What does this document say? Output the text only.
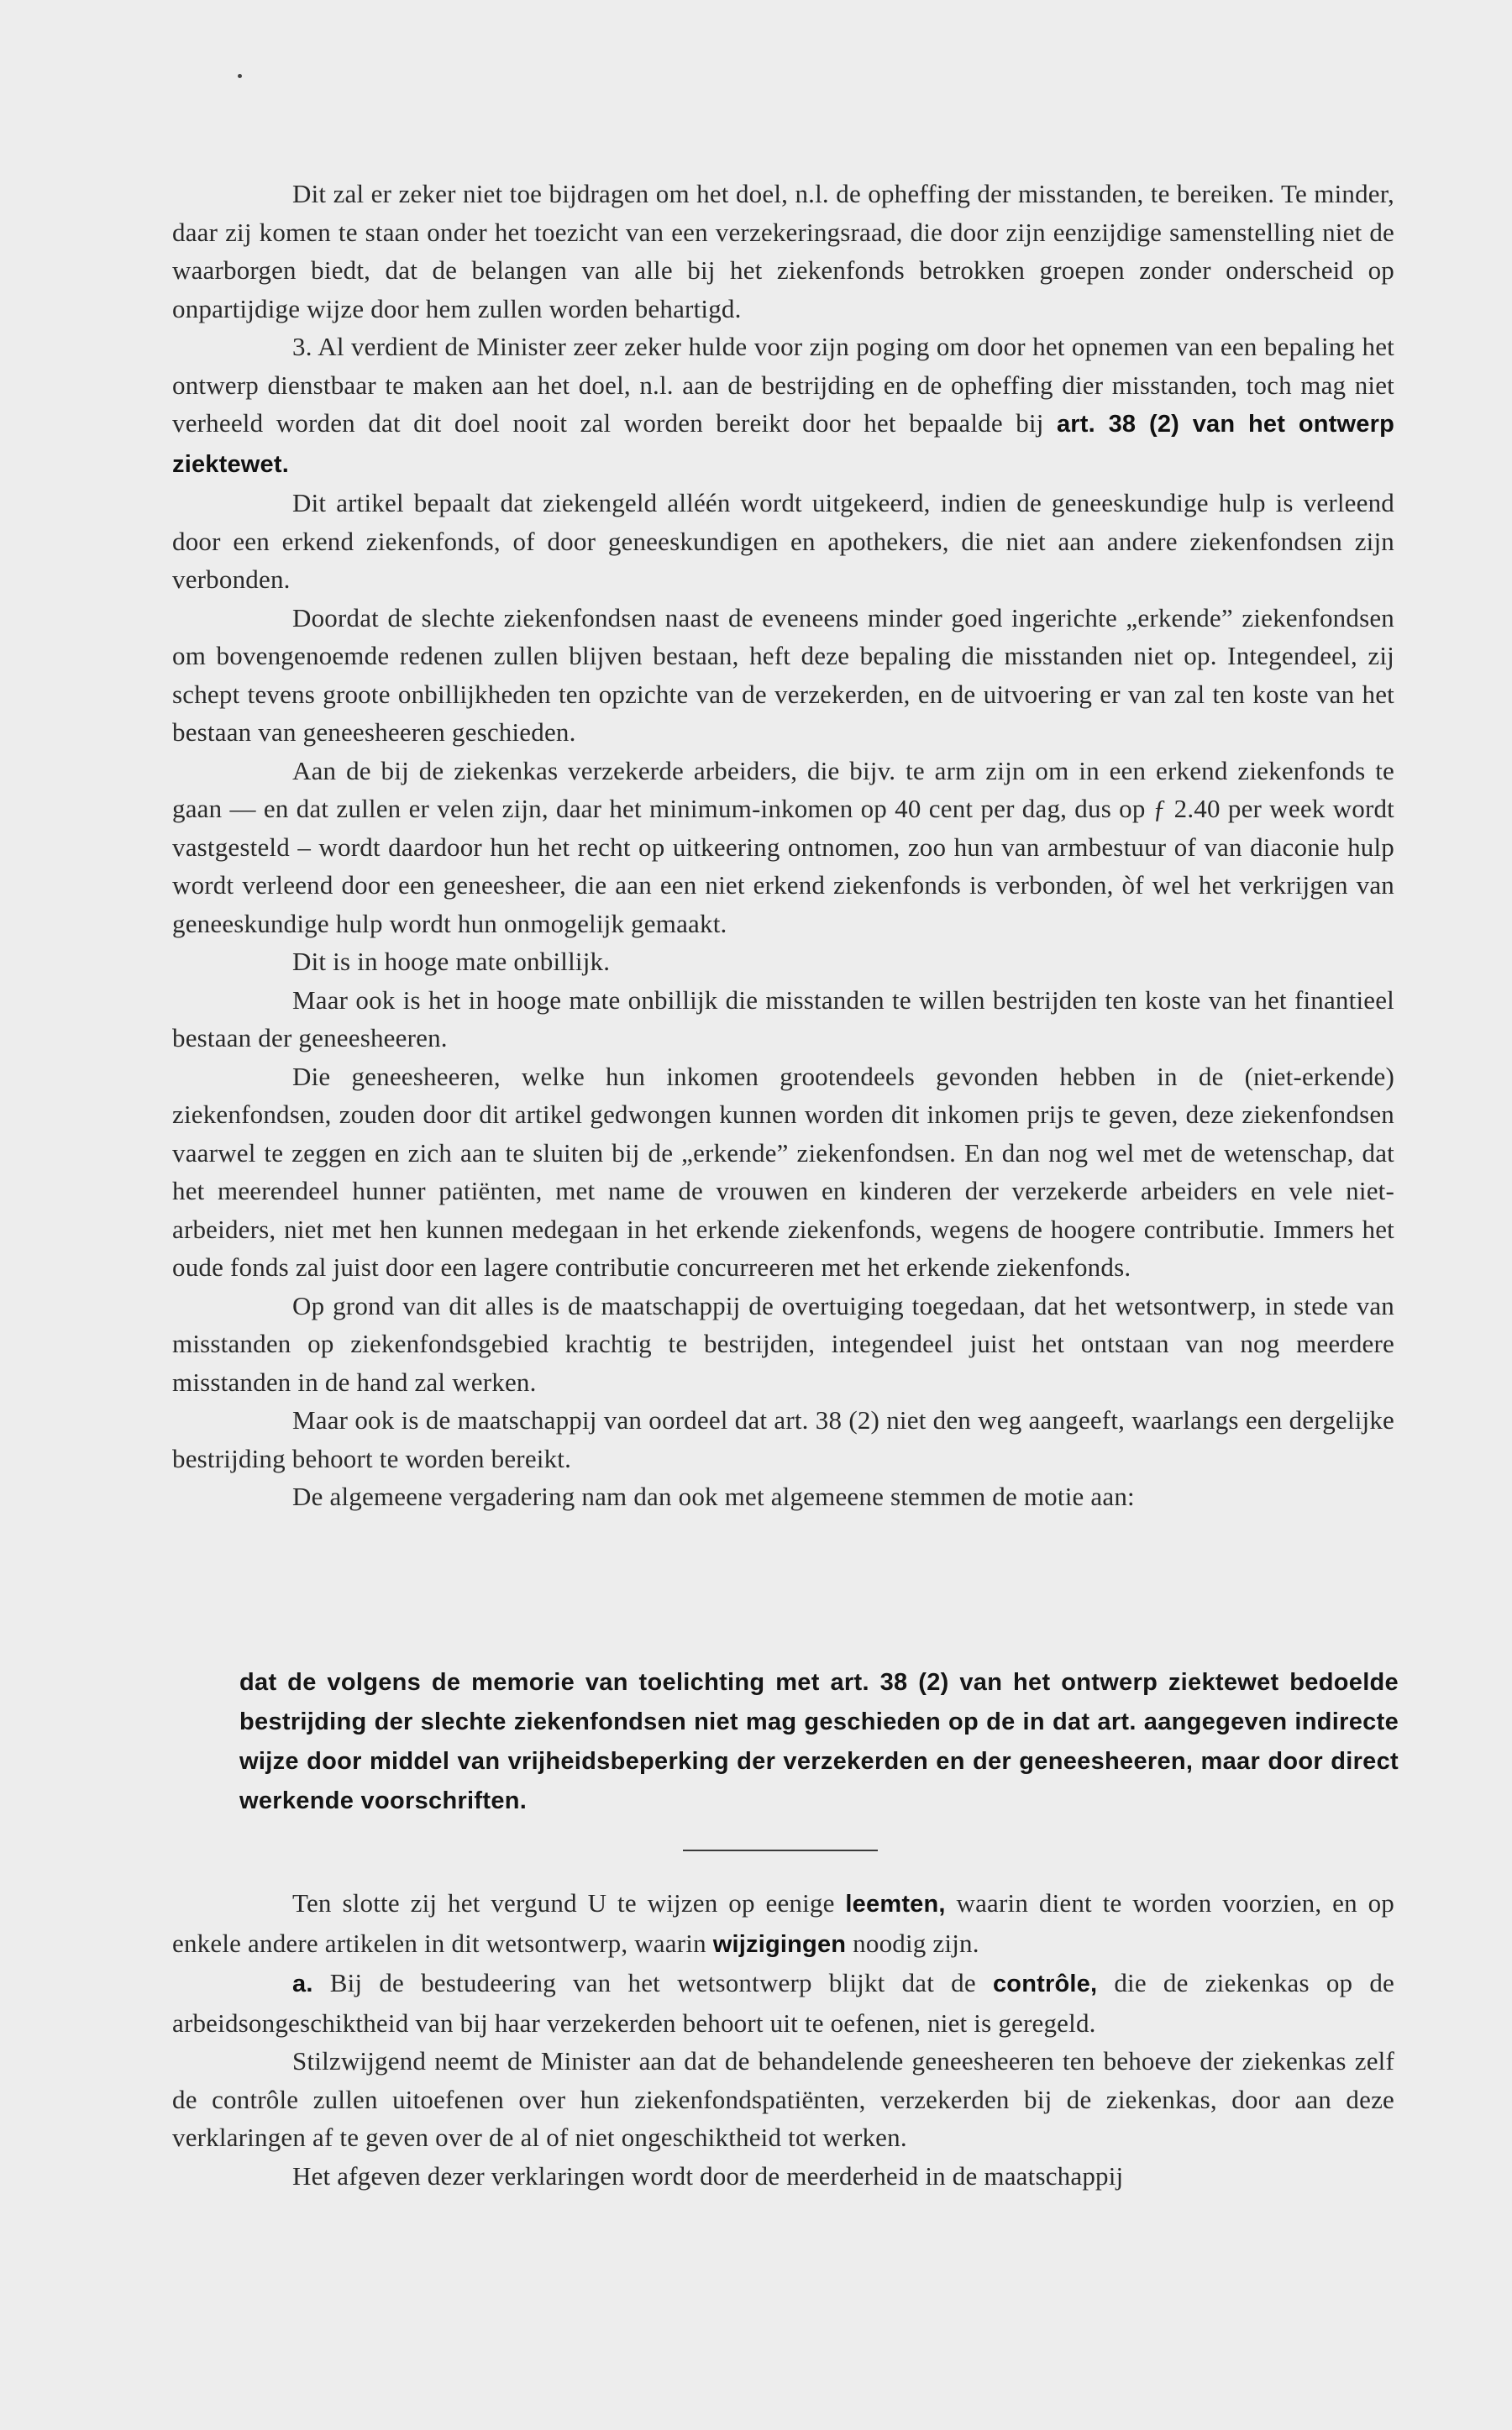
Dit zal er zeker niet toe bijdragen om het doel, n.l. de opheffing der misstanden, te bereiken. Te minder, daar zij komen te staan onder het toezicht van een verzekeringsraad, die door zijn eenzijdige samenstelling niet de waarborgen biedt, dat de belangen van alle bij het ziekenfonds betrokken groepen zonder onderscheid op onpartijdige wijze door hem zullen worden behartigd.

3. Al verdient de Minister zeer zeker hulde voor zijn poging om door het opnemen van een bepaling het ontwerp dienstbaar te maken aan het doel, n.l. aan de bestrijding en de opheffing dier misstanden, toch mag niet verheeld worden dat dit doel nooit zal worden bereikt door het bepaalde bij art. 38 (2) van het ontwerp ziektewet.

Dit artikel bepaalt dat ziekengeld alléén wordt uitgekeerd, indien de geneeskundige hulp is verleend door een erkend ziekenfonds, of door geneeskundigen en apothekers, die niet aan andere ziekenfondsen zijn verbonden.

Doordat de slechte ziekenfondsen naast de eveneens minder goed ingerichte „erkende” ziekenfondsen om bovengenoemde redenen zullen blijven bestaan, heft deze bepaling die misstanden niet op. Integendeel, zij schept tevens groote onbillijkheden ten opzichte van de verzekerden, en de uitvoering er van zal ten koste van het bestaan van geneesheeren geschieden.

Aan de bij de ziekenkas verzekerde arbeiders, die bijv. te arm zijn om in een erkend ziekenfonds te gaan — en dat zullen er velen zijn, daar het minimum-inkomen op 40 cent per dag, dus op ƒ 2.40 per week wordt vastgesteld – wordt daardoor hun het recht op uitkeering ontnomen, zoo hun van armbestuur of van diaconie hulp wordt verleend door een geneesheer, die aan een niet erkend ziekenfonds is verbonden, òf wel het verkrijgen van geneeskundige hulp wordt hun onmogelijk gemaakt.

Dit is in hooge mate onbillijk.

Maar ook is het in hooge mate onbillijk die misstanden te willen bestrijden ten koste van het finantieel bestaan der geneesheeren.

Die geneesheeren, welke hun inkomen grootendeels gevonden hebben in de (niet-erkende) ziekenfondsen, zouden door dit artikel gedwongen kunnen worden dit inkomen prijs te geven, deze ziekenfondsen vaarwel te zeggen en zich aan te sluiten bij de „erkende” ziekenfondsen. En dan nog wel met de wetenschap, dat het meerendeel hunner patiënten, met name de vrouwen en kinderen der verzekerde arbeiders en vele niet-arbeiders, niet met hen kunnen medegaan in het erkende ziekenfonds, wegens de hoogere contributie. Immers het oude fonds zal juist door een lagere contributie concurreeren met het erkende ziekenfonds.

Op grond van dit alles is de maatschappij de overtuiging toegedaan, dat het wetsontwerp, in stede van misstanden op ziekenfondsgebied krachtig te bestrijden, integendeel juist het ontstaan van nog meerdere misstanden in de hand zal werken.

Maar ook is de maatschappij van oordeel dat art. 38 (2) niet den weg aangeeft, waarlangs een dergelijke bestrijding behoort te worden bereikt.

De algemeene vergadering nam dan ook met algemeene stemmen de motie aan:

dat de volgens de memorie van toelichting met art. 38 (2) van het ontwerp ziektewet bedoelde bestrijding der slechte ziekenfondsen niet mag geschieden op de in dat art. aangegeven indirecte wijze door middel van vrijheidsbeperking der verzekerden en der geneesheeren, maar door direct werkende voorschriften.

Ten slotte zij het vergund U te wijzen op eenige leemten, waarin dient te worden voorzien, en op enkele andere artikelen in dit wetsontwerp, waarin wijzigingen noodig zijn.

a. Bij de bestudeering van het wetsontwerp blijkt dat de contrôle, die de ziekenkas op de arbeidsongeschiktheid van bij haar verzekerden behoort uit te oefenen, niet is geregeld.

Stilzwijgend neemt de Minister aan dat de behandelende geneesheeren ten behoeve der ziekenkas zelf de contrôle zullen uitoefenen over hun ziekenfondspatiënten, verzekerden bij de ziekenkas, door aan deze verklaringen af te geven over de al of niet ongeschiktheid tot werken.

Het afgeven dezer verklaringen wordt door de meerderheid in de maatschappij
